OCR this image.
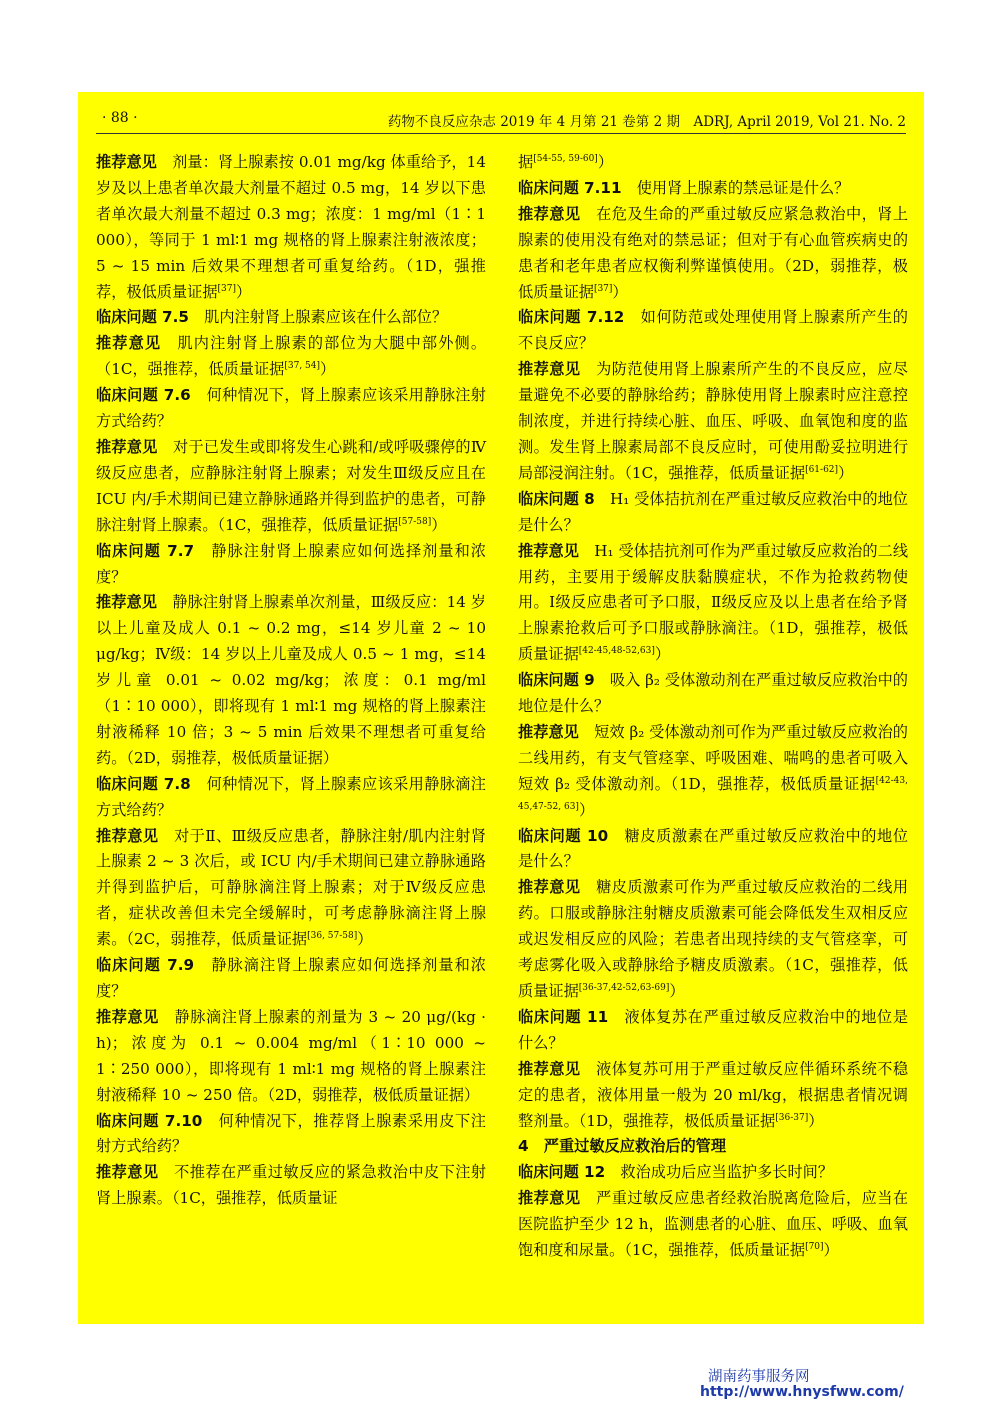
· 88 ·	药物不良反应杂志 2019 年 4 月第 21 卷第 2 期　ADRJ, April 2019, Vol 21. No. 2

推荐意见　剂量：肾上腺素按 0.01 mg/kg 体重给予，14 岁及以上患者单次最大剂量不超过 0.5 mg，14 岁以下患者单次最大剂量不超过 0.3 mg；浓度：1 mg/ml（1∶1 000），等同于 1 ml∶1 mg 规格的肾上腺素注射液浓度；5 ~ 15 min 后效果不理想者可重复给药。（1D，强推荐，极低质量证据[37]）

临床问题 7.5　肌内注射肾上腺素应该在什么部位？

推荐意见　肌内注射肾上腺素的部位为大腿中部外侧。（1C，强推荐，低质量证据[37, 54]）

临床问题 7.6　何种情况下，肾上腺素应该采用静脉注射方式给药？

推荐意见　对于已发生或即将发生心跳和/或呼吸骤停的Ⅳ级反应患者，应静脉注射肾上腺素；对发生Ⅲ级反应且在 ICU 内/手术期间已建立静脉通路并得到监护的患者，可静脉注射肾上腺素。（1C，强推荐，低质量证据[57-58]）

临床问题 7.7　静脉注射肾上腺素应如何选择剂量和浓度？

推荐意见　静脉注射肾上腺素单次剂量，Ⅲ级反应：14 岁以上儿童及成人 0.1 ~ 0.2 mg，≤14 岁儿童 2 ~ 10 μg/kg；Ⅳ级：14 岁以上儿童及成人 0.5 ~ 1 mg，≤14 岁儿童 0.01 ~ 0.02 mg/kg；浓度：0.1 mg/ml（1∶10 000），即将现有 1 ml∶1 mg 规格的肾上腺素注射液稀释 10 倍；3 ~ 5 min 后效果不理想者可重复给药。（2D，弱推荐，极低质量证据）

临床问题 7.8　何种情况下，肾上腺素应该采用静脉滴注方式给药？

推荐意见　对于Ⅱ、Ⅲ级反应患者，静脉注射/肌内注射肾上腺素 2 ~ 3 次后，或 ICU 内/手术期间已建立静脉通路并得到监护后，可静脉滴注肾上腺素；对于Ⅳ级反应患者，症状改善但未完全缓解时，可考虑静脉滴注肾上腺素。（2C，弱推荐，低质量证据[36, 57-58]）

临床问题 7.9　静脉滴注肾上腺素应如何选择剂量和浓度？

推荐意见　静脉滴注肾上腺素的剂量为 3 ~ 20 μg/(kg · h)；浓度为 0.1 ~ 0.004 mg/ml（1∶10 000 ~ 1∶250 000），即将现有 1 ml∶1 mg 规格的肾上腺素注射液稀释 10 ~ 250 倍。（2D，弱推荐，极低质量证据）

临床问题 7.10　何种情况下，推荐肾上腺素采用皮下注射方式给药？

推荐意见　不推荐在严重过敏反应的紧急救治中皮下注射肾上腺素。（1C，强推荐，低质量证

据[54-55, 59-60]）

临床问题 7.11　使用肾上腺素的禁忌证是什么？

推荐意见　在危及生命的严重过敏反应紧急救治中，肾上腺素的使用没有绝对的禁忌证；但对于有心血管疾病史的患者和老年患者应权衡利弊谨慎使用。（2D，弱推荐，极低质量证据[37]）

临床问题 7.12　如何防范或处理使用肾上腺素所产生的不良反应？

推荐意见　为防范使用肾上腺素所产生的不良反应，应尽量避免不必要的静脉给药；静脉使用肾上腺素时应注意控制浓度，并进行持续心脏、血压、呼吸、血氧饱和度的监测。发生肾上腺素局部不良反应时，可使用酚妥拉明进行局部浸润注射。（1C，强推荐，低质量证据[61-62]）

临床问题 8　H₁ 受体拮抗剂在严重过敏反应救治中的地位是什么？

推荐意见　H₁ 受体拮抗剂可作为严重过敏反应救治的二线用药，主要用于缓解皮肤黏膜症状，不作为抢救药物使用。Ⅰ级反应患者可予口服，Ⅱ级反应及以上患者在给予肾上腺素抢救后可予口服或静脉滴注。（1D，强推荐，极低质量证据[42-45,48-52,63]）

临床问题 9　吸入 β₂ 受体激动剂在严重过敏反应救治中的地位是什么？

推荐意见　短效 β₂ 受体激动剂可作为严重过敏反应救治的二线用药，有支气管痉挛、呼吸困难、喘鸣的患者可吸入短效 β₂ 受体激动剂。（1D，强推荐，极低质量证据[42-43, 45,47-52, 63]）

临床问题 10　糖皮质激素在严重过敏反应救治中的地位是什么？

推荐意见　糖皮质激素可作为严重过敏反应救治的二线用药。口服或静脉注射糖皮质激素可能会降低发生双相反应或迟发相反应的风险；若患者出现持续的支气管痉挛，可考虑雾化吸入或静脉给予糖皮质激素。（1C，强推荐，低质量证据[36-37,42-52,63-69]）

临床问题 11　液体复苏在严重过敏反应救治中的地位是什么？

推荐意见　液体复苏可用于严重过敏反应伴循环系统不稳定的患者，液体用量一般为 20 ml/kg，根据患者情况调整剂量。（1D，强推荐，极低质量证据[36-37]）

4　严重过敏反应救治后的管理

临床问题 12　救治成功后应当监护多长时间？

推荐意见　严重过敏反应患者经救治脱离危险后，应当在医院监护至少 12 h，监测患者的心脏、血压、呼吸、血氧饱和度和尿量。（1C，强推荐，低质量证据[70]）

湖南药事服务网
http://www.hnysfww.com/
